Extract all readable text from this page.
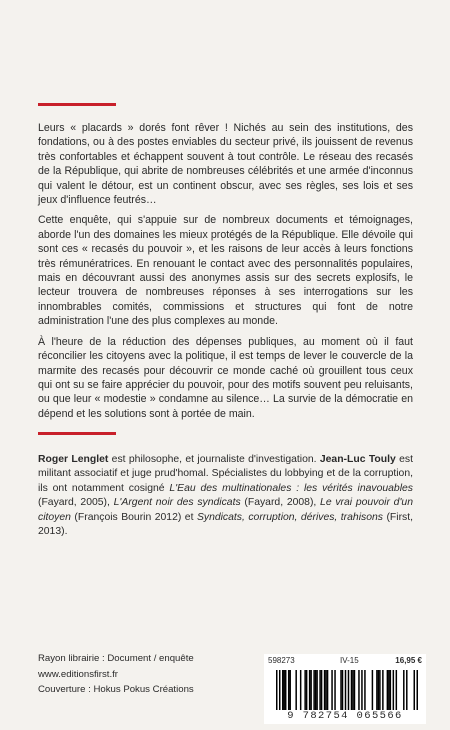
Leurs « placards » dorés font rêver ! Nichés au sein des institutions, des fondations, ou à des postes enviables du secteur privé, ils jouissent de revenus très confortables et échappent souvent à tout contrôle. Le réseau des recasés de la République, qui abrite de nombreuses célébrités et une armée d'inconnus qui valent le détour, est un continent obscur, avec ses règles, ses lois et ses jeux d'influence feutrés…

Cette enquête, qui s'appuie sur de nombreux documents et témoignages, aborde l'un des domaines les mieux protégés de la République. Elle dévoile qui sont ces « recasés du pouvoir », et les raisons de leur accès à leurs fonctions très rémunératrices. En renouant le contact avec des personnalités populaires, mais en découvrant aussi des anonymes assis sur des secrets explosifs, le lecteur trouvera de nombreuses réponses à ses interrogations sur les innombrables comités, commissions et structures qui font de notre administration l'une des plus complexes au monde.

À l'heure de la réduction des dépenses publiques, au moment où il faut réconcilier les citoyens avec la politique, il est temps de lever le couvercle de la marmite des recasés pour découvrir ce monde caché où grouillent tous ceux qui ont su se faire apprécier du pouvoir, pour des motifs souvent peu reluisants, ou que leur « modestie » condamne au silence… La survie de la démocratie en dépend et les solutions sont à portée de main.

Roger Lenglet est philosophe, et journaliste d'investigation. Jean-Luc Touly est militant associatif et juge prud'homal. Spécialistes du lobbying et de la corruption, ils ont notamment cosigné L'Eau des multinationales : les vérités inavouables (Fayard, 2005), L'Argent noir des syndicats (Fayard, 2008), Le vrai pouvoir d'un citoyen (François Bourin 2012) et Syndicats, corruption, dérives, trahisons (First, 2013).
Rayon librairie : Document / enquête
www.editionsfirst.fr
Couverture : Hokus Pokus Créations
598273	IV-15	16,95 €
9 782754 065566
